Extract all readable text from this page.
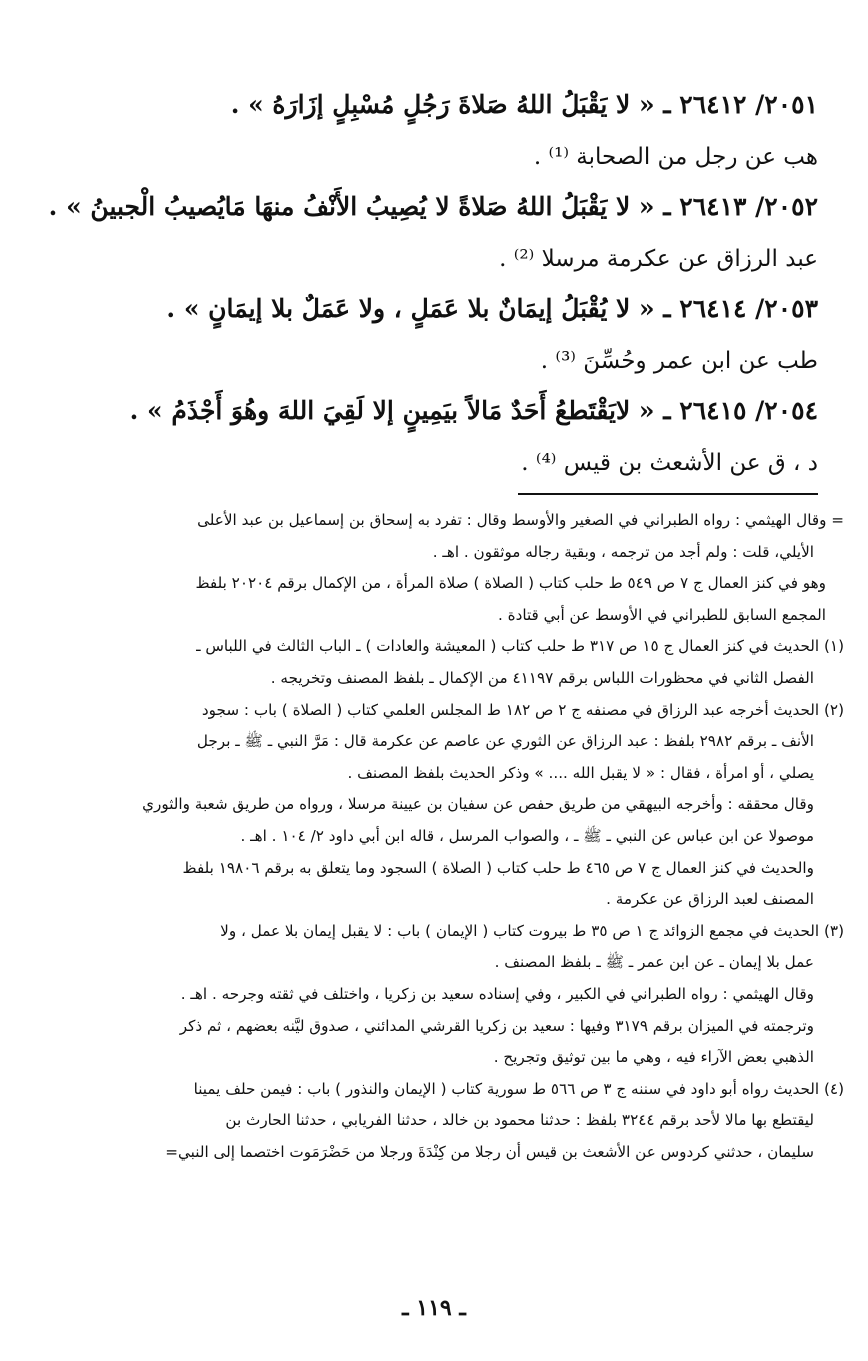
٢٠٥١/ ٢٦٤١٢ ـ « لا يَقْبَلُ اللهُ صَلاةَ رَجُلٍ مُسْبِلٍ إزَارَهُ » .
هب عن رجل من الصحابة ⁽¹⁾ .
٢٠٥٢/ ٢٦٤١٣ ـ « لا يَقْبَلُ اللهُ صَلاةً لا يُصِيبُ الأَنْفُ منهَا مَايُصيبُ الْجبينُ » .
عبد الرزاق عن عكرمة مرسلا ⁽²⁾ .
٢٠٥٣/ ٢٦٤١٤ ـ « لا يُقْبَلُ إيمَانٌ بلا عَمَلٍ ، ولا عَمَلٌ بلا إيمَانٍ » .
طب عن ابن عمر وحُسِّنَ ⁽³⁾ .
٢٠٥٤/ ٢٦٤١٥ ـ « لايَقْتَطعُ أَحَدٌ مَالاً بيَمِينٍ إلا لَقِيَ اللهَ وهُوَ أَجْذَمُ » .
د ، ق عن الأشعث بن قيس ⁽⁴⁾ .
= وقال الهيثمي : رواه الطبراني في الصغير والأوسط وقال : تفرد به إسحاق بن إسماعيل بن عبد الأعلى
الأيلي، قلت : ولم أجد من ترجمه ، وبقية رجاله موثقون . اهـ .
وهو في كنز العمال ج ٧ ص ٥٤٩ ط حلب كتاب ( الصلاة ) صلاة المرأة ، من الإكمال برقم ٢٠٢٠٤ بلفظ
المجمع السابق للطبراني في الأوسط عن أبي قتادة .
(١) الحديث في كنز العمال ج ١٥ ص ٣١٧ ط حلب كتاب ( المعيشة والعادات ) ـ الباب الثالث في اللباس ـ
الفصل الثاني في محظورات اللباس برقم ٤١١٩٧ من الإكمال ـ بلفظ المصنف وتخريجه .
(٢) الحديث أخرجه عبد الرزاق في مصنفه ج ٢ ص ١٨٢ ط المجلس العلمي كتاب ( الصلاة ) باب : سجود
الأنف ـ برقم ٢٩٨٢ بلفظ : عبد الرزاق عن الثوري عن عاصم عن عكرمة قال : مَرَّ النبي ـ ﷺ ـ برجل
يصلي ، أو امرأة ، فقال : « لا يقبل الله .... » وذكر الحديث بلفظ المصنف .
وقال محققه : وأخرجه البيهقي من طريق حفص عن سفيان بن عيينة مرسلا ، ورواه من طريق شعبة والثوري
موصولا عن ابن عباس عن النبي ـ ﷺ ـ ، والصواب المرسل ، قاله ابن أبي داود ٢/ ١٠٤ . اهـ .
والحديث في كنز العمال ج ٧ ص ٤٦٥ ط حلب كتاب ( الصلاة ) السجود وما يتعلق به برقم ١٩٨٠٦ بلفظ
المصنف لعبد الرزاق عن عكرمة .
(٣) الحديث في مجمع الزوائد ج ١ ص ٣٥ ط بيروت كتاب ( الإيمان ) باب : لا يقبل إيمان بلا عمل ، ولا
عمل بلا إيمان ـ عن ابن عمر ـ ﷺ ـ بلفظ المصنف .
وقال الهيثمي : رواه الطبراني في الكبير ، وفي إسناده سعيد بن زكريا ، واختلف في ثقته وجرحه . اهـ .
وترجمته في الميزان برقم ٣١٧٩ وفيها : سعيد بن زكريا القرشي المدائني ، صدوق ليَّنه بعضهم ، ثم ذكر
الذهبي بعض الآراء فيه ، وهي ما بين توثيق وتجريح .
(٤) الحديث رواه أبو داود في سننه ج ٣ ص ٥٦٦ ط سورية كتاب ( الإيمان والنذور ) باب : فيمن حلف يمينا
ليقتطع بها مالا لأحد برقم ٣٢٤٤ بلفظ : حدثنا محمود بن خالد ، حدثنا الفريابي ، حدثنا الحارث بن
سليمان ، حدثني كردوس عن الأشعث بن قيس أن رجلا من كِنْدَةَ ورجلا من حَضْرَمَوت اختصما إلى النبي=
ـ ١١٩ ـ
